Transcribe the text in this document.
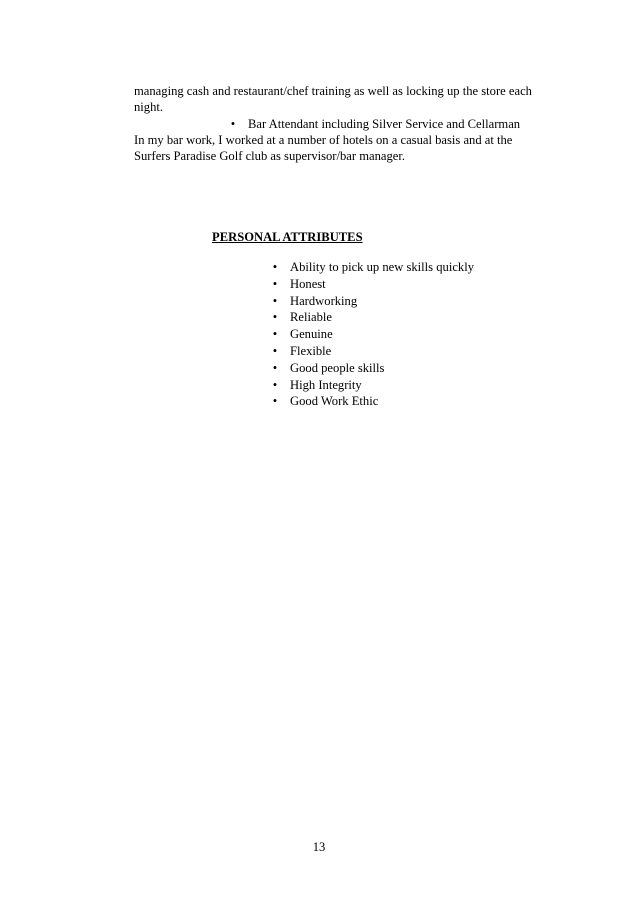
managing cash and restaurant/chef training as well as locking up the store each
night.
•	Bar Attendant including Silver Service and Cellarman
In my bar work, I worked at a number of hotels on a casual basis and at the
Surfers Paradise Golf club as supervisor/bar manager.
PERSONAL ATTRIBUTES
•	Ability to pick up new skills quickly
•	Honest
•	Hardworking
•	Reliable
•	Genuine
•	Flexible
•	Good people skills
•	High Integrity
•	Good Work Ethic
13
